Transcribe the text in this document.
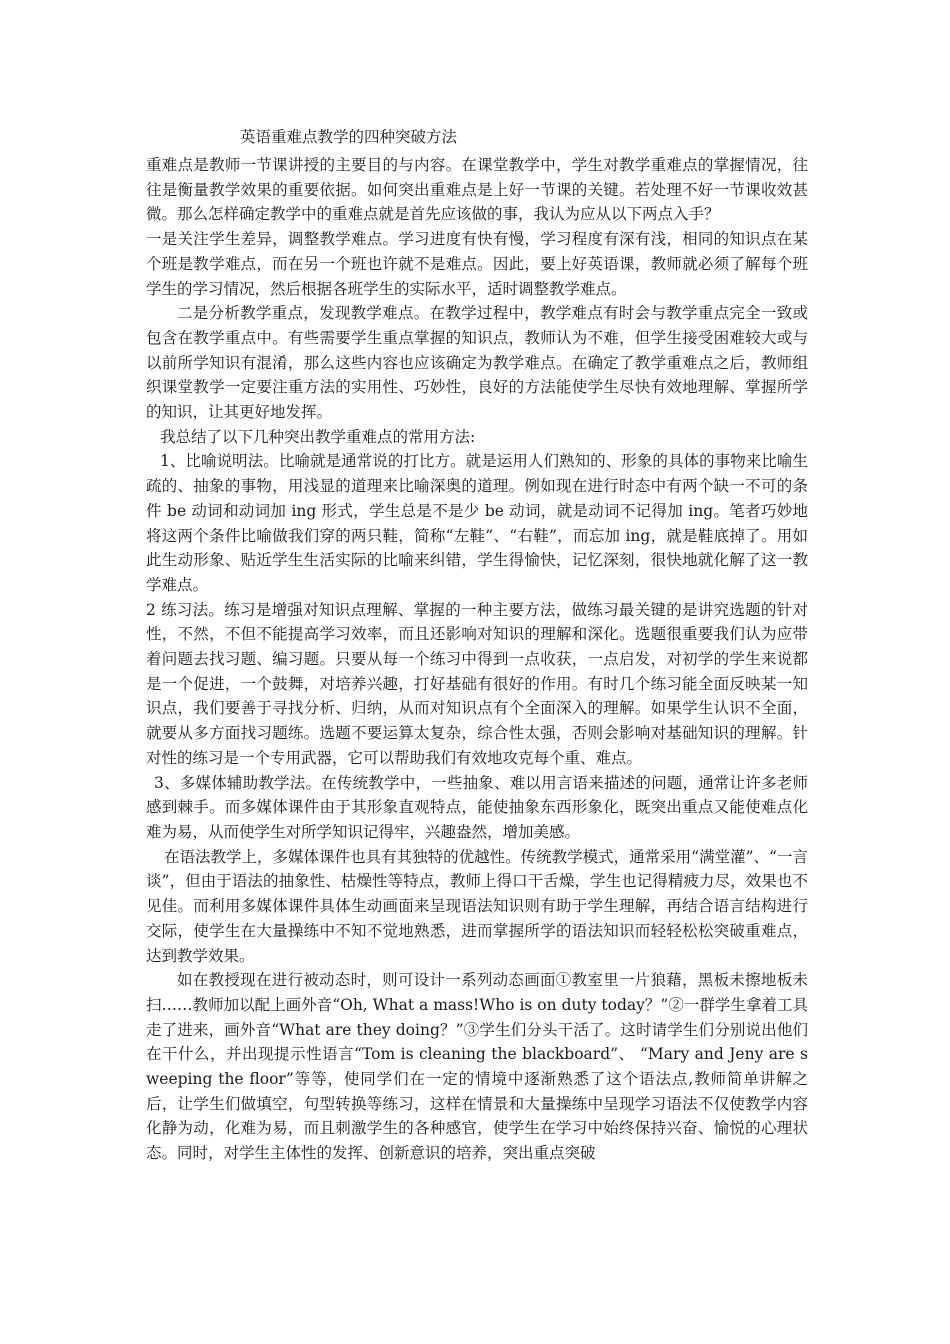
英语重难点教学的四种突破方法

重难点是教师一节课讲授的主要目的与内容。在课堂教学中，学生对教学重难点的掌握情况，往往是衡量教学效果的重要依据。如何突出重难点是上好一节课的关键。若处理不好一节课收效甚微。那么怎样确定教学中的重难点就是首先应该做的事，我认为应从以下两点入手？

一是关注学生差异，调整教学难点。学习进度有快有慢，学习程度有深有浅，相同的知识点在某个班是教学难点，而在另一个班也许就不是难点。因此，要上好英语课，教师就必须了解每个班学生的学习情况，然后根据各班学生的实际水平，适时调整教学难点。

二是分析教学重点，发现教学难点。在教学过程中，教学难点有时会与教学重点完全一致或包含在教学重点中。有些需要学生重点掌握的知识点，教师认为不难，但学生接受困难较大或与以前所学知识有混淆，那么这些内容也应该确定为教学难点。在确定了教学重难点之后，教师组织课堂教学一定要注重方法的实用性、巧妙性，良好的方法能使学生尽快有效地理解、掌握所学的知识，让其更好地发挥。

我总结了以下几种突出教学重难点的常用方法:

1、比喻说明法。比喻就是通常说的打比方。就是运用人们熟知的、形象的具体的事物来比喻生疏的、抽象的事物，用浅显的道理来比喻深奥的道理。例如现在进行时态中有两个缺一不可的条件 be 动词和动词加 ing 形式，学生总是不是少 be 动词，就是动词不记得加 ing。笔者巧妙地将这两个条件比喻做我们穿的两只鞋，简称“左鞋”、“右鞋”，而忘加 ing，就是鞋底掉了。用如此生动形象、贴近学生生活实际的比喻来纠错，学生得愉快，记忆深刻，很快地就化解了这一教学难点。

2 练习法。练习是增强对知识点理解、掌握的一种主要方法，做练习最关键的是讲究选题的针对性，不然，不但不能提高学习效率，而且还影响对知识的理解和深化。选题很重要我们认为应带着问题去找习题、编习题。只要从每一个练习中得到一点收获，一点启发，对初学的学生来说都是一个促进，一个鼓舞，对培养兴趣，打好基础有很好的作用。有时几个练习能全面反映某一知识点，我们要善于寻找分析、归纳，从而对知识点有个全面深入的理解。如果学生认识不全面，就要从多方面找习题练。选题不要运算太复杂，综合性太强，否则会影响对基础知识的理解。针对性的练习是一个专用武器，它可以帮助我们有效地攻克每个重、难点。

3、多媒体辅助教学法。在传统教学中，一些抽象、难以用言语来描述的问题，通常让许多老师感到棘手。而多媒体课件由于其形象直观特点，能使抽象东西形象化，既突出重点又能使难点化难为易，从而使学生对所学知识记得牢，兴趣盎然，增加美感。

在语法教学上，多媒体课件也具有其独特的优越性。传统教学模式，通常采用“满堂灌”、“一言谈”，但由于语法的抽象性、枯燥性等特点，教师上得口干舌燥，学生也记得精疲力尽，效果也不见佳。而利用多媒体课件具体生动画面来呈现语法知识则有助于学生理解，再结合语言结构进行交际，使学生在大量操练中不知不觉地熟悉，进而掌握所学的语法知识而轻轻松松突破重难点，达到教学效果。

如在教授现在进行被动态时，则可设计一系列动态画面①教室里一片狼藉，黑板未擦地板未扫……教师加以配上画外音“Oh, What a mass!Who is on duty today？”②一群学生拿着工具走了进来，画外音“What are they doing？”③学生们分头干活了。这时请学生们分别说出他们在干什么，并出现提示性语言“Tom is cleaning the blackboard”、 “Mary and Jeny are sweeping the floor”等等，使同学们在一定的情境中逐渐熟悉了这个语法点,教师简单讲解之后，让学生们做填空，句型转换等练习，这样在情景和大量操练中呈现学习语法不仅使教学内容化静为动，化难为易，而且刺激学生的各种感官，使学生在学习中始终保持兴奋、愉悦的心理状态。同时，对学生主体性的发挥、创新意识的培养，突出重点突破
